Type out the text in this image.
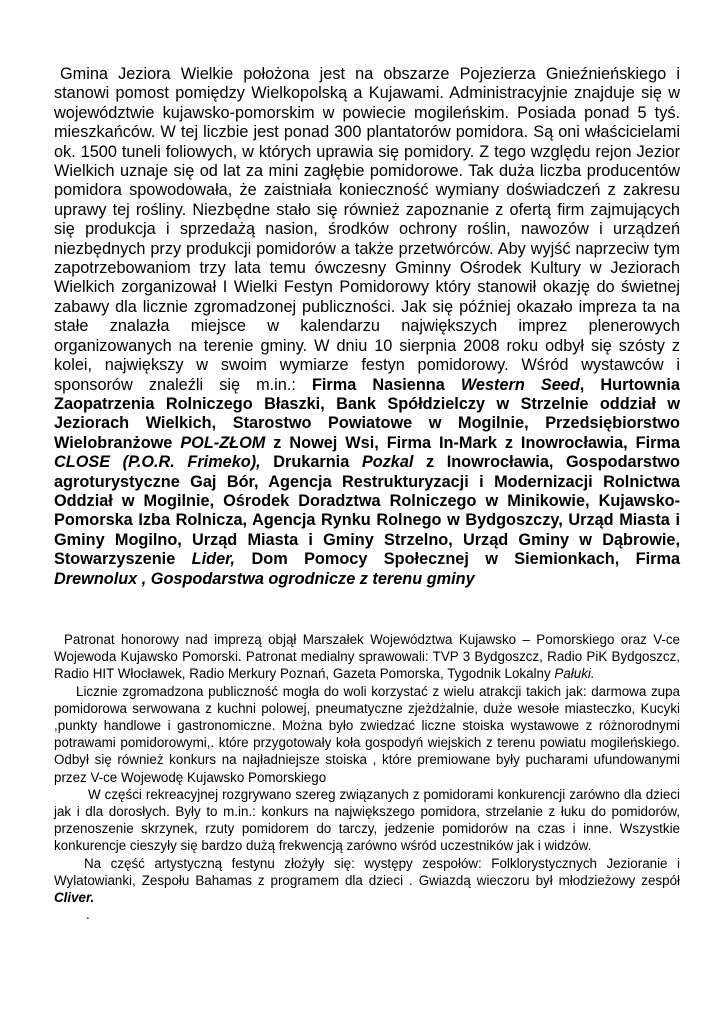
Gmina Jeziora Wielkie położona jest na obszarze Pojezierza Gnieźnieńskiego i stanowi pomost pomiędzy Wielkopolską a Kujawami. Administracyjnie znajduje się w województwie kujawsko-pomorskim w powiecie mogileńskim. Posiada ponad 5 tyś. mieszkańców. W tej liczbie jest ponad 300 plantatorów pomidora. Są oni właścicielami ok. 1500 tuneli foliowych, w których uprawia się pomidory. Z tego względu rejon Jezior Wielkich uznaje się od lat za mini zagłębie pomidorowe. Tak duża liczba producentów pomidora spowodowała, że zaistniała konieczność wymiany doświadczeń z zakresu uprawy tej rośliny. Niezbędne stało się również zapoznanie z ofertą firm zajmujących się produkcja i sprzedażą nasion, środków ochrony roślin, nawozów i urządzeń niezbędnych przy produkcji pomidorów a także przetwórców. Aby wyjść naprzeciw tym zapotrzebowaniom trzy lata temu ówczesny Gminny Ośrodek Kultury w Jeziorach Wielkich zorganizował I Wielki Festyn Pomidorowy który stanowił okazję do świetnej zabawy dla licznie zgromadzonej publiczności. Jak się później okazało impreza ta na stałe znalazła miejsce w kalendarzu największych imprez plenerowych organizowanych na terenie gminy. W dniu 10 sierpnia 2008 roku odbył się szósty z kolei, największy w swoim wymiarze festyn pomidorowy. Wśród wystawców i sponsorów znaleźli się m.in.: Firma Nasienna Western Seed, Hurtownia Zaopatrzenia Rolniczego Błaszki, Bank Spółdzielczy w Strzelnie oddział w Jeziorach Wielkich, Starostwo Powiatowe w Mogilnie, Przedsiębiorstwo Wielobranżowe POL-ZŁOM z Nowej Wsi, Firma In-Mark z Inowrocławia, Firma CLOSE (P.O.R. Frimeko), Drukarnia Pozkal z Inowrocławia, Gospodarstwo agroturystyczne Gaj Bór, Agencja Restrukturyzacji i Modernizacji Rolnictwa Oddział w Mogilnie, Ośrodek Doradztwa Rolniczego w Minikowie, Kujawsko-Pomorska Izba Rolnicza, Agencja Rynku Rolnego w Bydgoszczy, Urząd Miasta i Gminy Mogilno, Urząd Miasta i Gminy Strzelno, Urząd Gminy w Dąbrowie, Stowarzyszenie Lider, Dom Pomocy Społecznej w Siemionkach, Firma Drewnolux , Gospodarstwa ogrodnicze z terenu gminy

Patronat honorowy nad imprezą objął Marszałek Województwa Kujawsko – Pomorskiego oraz V-ce Wojewoda Kujawsko Pomorski. Patronat medialny sprawowali: TVP 3 Bydgoszcz, Radio PiK Bydgoszcz, Radio HIT Włocławek, Radio Merkury Poznań, Gazeta Pomorska, Tygodnik Lokalny Pałuki.

Licznie zgromadzona publiczność mogła do woli korzystać z wielu atrakcji takich jak: darmowa zupa pomidorowa serwowana z kuchni polowej, pneumatyczne zjeżdżalnie, duże wesołe miasteczko, Kucyki ,punkty handlowe i gastronomiczne. Można było zwiedzać liczne stoiska wystawowe z różnorodnymi potrawami pomidorowymi,. które przygotowały koła gospodyń wiejskich z terenu powiatu mogileńskiego. Odbył się również konkurs na najładniejsze stoiska , które premiowane były pucharami ufundowanymi przez V-ce Wojewodę Kujawsko Pomorskiego

W części rekreacyjnej rozgrywano szereg związanych z pomidorami konkurencji zarówno dla dzieci jak i dla dorosłych. Były to m.in.: konkurs na największego pomidora, strzelanie z łuku do pomidorów, przenoszenie skrzynek, rzuty pomidorem do tarczy, jedzenie pomidorów na czas i inne. Wszystkie konkurencje cieszyły się bardzo dużą frekwencją zarówno wśród uczestników jak i widzów.

Na część artystyczną festynu złożyły się: występy zespołów: Folklorystycznych Jezioranie i Wylatowianki, Zespołu Bahamas z programem dla dzieci . Gwiazdą wieczoru był młodzieżowy zespół Cliver.

.
